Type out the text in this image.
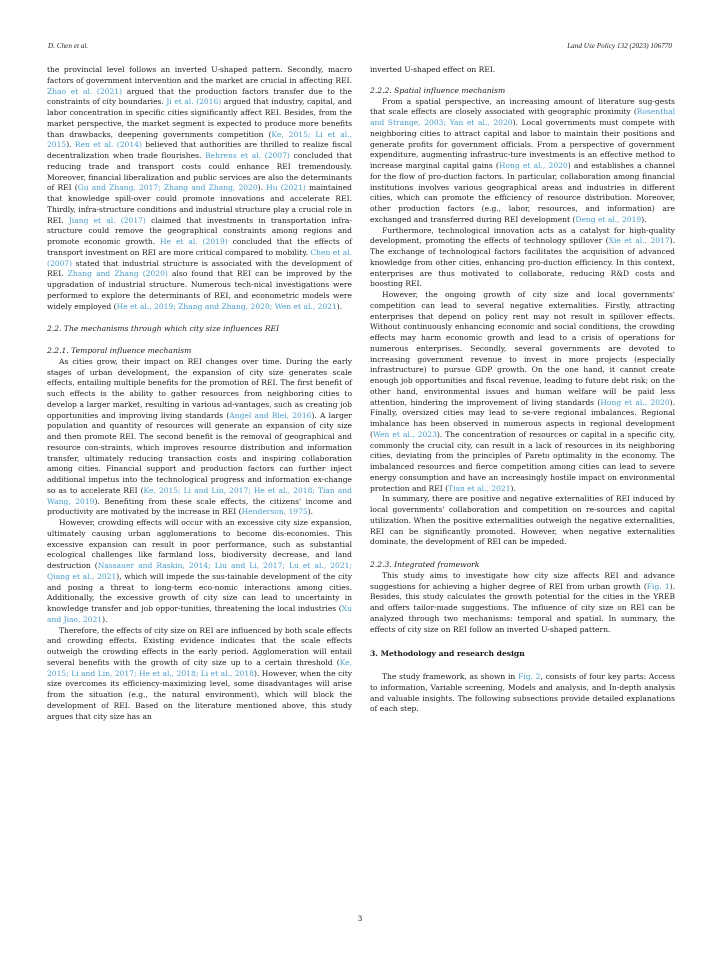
D. Chen et al.	Land Use Policy 132 (2023) 106770

the provincial level follows an inverted U-shaped pattern. Secondly, macro factors of government intervention and the market are crucial in affecting REI. Zhao et al. (2021) argued that the production factors transfer due to the constraints of city boundaries. Ji et al. (2016) argued that industry, capital, and labor concentration in specific cities significantly affect REI. Besides, from the market perspective, the market segment is expected to produce more benefits than drawbacks, deepening governments competition (Ke, 2015; Li et al., 2015). Ren et al. (2014) believed that authorities are thrilled to realize fiscal decentralization when trade flourishes. Behrens et al. (2007) concluded that reducing trade and transport costs could enhance REI tremendously. Moreover, financial liberalization and public services are also the determinants of REI (Gu and Zhang, 2017; Zhang and Zhang, 2020). Hu (2021) maintained that knowledge spill-over could promote innovations and accelerate REI. Thirdly, infra-structure conditions and industrial structure play a crucial role in REI. Jiang et al. (2017) claimed that investments in transportation infra-structure could remove the geographical constraints among regions and promote economic growth. He et al. (2019) concluded that the effects of transport investment on REI are more critical compared to mobility. Chen et al. (2007) stated that industrial structure is associated with the development of REI. Zhang and Zhang (2020) also found that REI can be improved by the upgradation of industrial structure. Numerous tech-nical investigations were performed to explore the determinants of REI, and econometric models were widely employed (He et al., 2019; Zhang and Zhang, 2020; Wen et al., 2021).

2.2. The mechanisms through which city size influences REI
2.2.1. Temporal influence mechanism

As cities grow, their impact on REI changes over time. During the early stages of urban development, the expansion of city size generates scale effects, entailing multiple benefits for the promotion of REI. The first benefit of such effects is the ability to gather resources from neighboring cities to develop a larger market, resulting in various ad-vantages, such as creating job opportunities and improving living standards (Angel and Blei, 2016). A larger population and quantity of resources will generate an expansion of city size and then promote REI. The second benefit is the removal of geographical and resource con-straints, which improves resource distribution and information transfer, ultimately reducing transaction costs and inspiring collaboration among cities. Financial support and production factors can further inject additional impetus into the technological progress and information ex-change so as to accelerate REI (Ke, 2015; Li and Lin, 2017; He et al., 2018; Tian and Wang, 2019). Benefiting from these scale effects, the citizens' income and productivity are motivated by the increase in REI (Henderson, 1975).

However, crowding effects will occur with an excessive city size expansion, ultimately causing urban agglomerations to become dis-economies. This excessive expansion can result in poor performance, such as substantial ecological challenges like farmland loss, biodiversity decrease, and land destruction (Nassauer and Raskin, 2014; Liu and Li, 2017; Lu et al., 2021; Qiang et al., 2021), which will impede the sus-tainable development of the city and posing a threat to long-term eco-nomic interactions among cities. Additionally, the excessive growth of city size can lead to uncertainty in knowledge transfer and job oppor-tunities, threatening the local industries (Xu and Jiao, 2021).

Therefore, the effects of city size on REI are influenced by both scale effects and crowding effects. Existing evidence indicates that the scale effects outweigh the crowding effects in the early period. Agglomeration will entail several benefits with the growth of city size up to a certain threshold (Ke, 2015; Li and Lin, 2017; He et al., 2018; Li et al., 2018). However, when the city size overcomes its efficiency-maximizing level, some disadvantages will arise from the situation (e.g., the natural environment), which will block the development of REI. Based on the literature mentioned above, this study argues that city size has an

inverted U-shaped effect on REI.

2.2.2. Spatial influence mechanism

From a spatial perspective, an increasing amount of literature sug-gests that scale effects are closely associated with geographic proximity (Rosenthal and Strange, 2003; Yan et al., 2020). Local governments must compete with neighboring cities to attract capital and labor to maintain their positions and generate profits for government officials. From a perspective of government expenditure, augmenting infrastruc-ture investments is an effective method to increase marginal capital gains (Hong et al., 2020) and establishes a channel for the flow of pro-duction factors. In particular, collaboration among financial institutions involves various geographical areas and industries in different cities, which can promote the efficiency of resource distribution. Moreover, other production factors (e.g., labor, resources, and information) are exchanged and transferred during REI development (Deng et al., 2019).

Furthermore, technological innovation acts as a catalyst for high-quality development, promoting the effects of technology spillover (Xie et al., 2017). The exchange of technological factors facilitates the acquisition of advanced knowledge from other cities, enhancing pro-duction efficiency. In this context, enterprises are thus motivated to collaborate, reducing R&D costs and boosting REI.

However, the ongoing growth of city size and local governments' competition can lead to several negative externalities. Firstly, attracting enterprises that depend on policy rent may not result in spillover effects. Without continuously enhancing economic and social conditions, the crowding effects may harm economic growth and lead to a crisis of operations for numerous enterprises. Secondly, several governments are devoted to increasing government revenue to invest in more projects (especially infrastructure) to pursue GDP growth. On the one hand, it cannot create enough job opportunities and fiscal revenue, leading to future debt risk; on the other hand, environmental issues and human welfare will be paid less attention, hindering the improvement of living standards (Hong et al., 2020). Finally, oversized cities may lead to se-vere regional imbalances. Regional imbalance has been observed in numerous aspects in regional development (Wen et al., 2023). The concentration of resources or capital in a specific city, commonly the crucial city, can result in a lack of resources in its neighboring cities, deviating from the principles of Pareto optimality in the economy. The imbalanced resources and fierce competition among cities can lead to severe energy consumption and have an increasingly hostile impact on environmental protection and REI (Tian et al., 2021).

In summary, there are positive and negative externalities of REI induced by local governments' collaboration and competition on re-sources and capital utilization. When the positive externalities outweigh the negative externalities, REI can be significantly promoted. However, when negative externalities dominate, the development of REI can be impeded.

2.2.3. Integrated framework

This study aims to investigate how city size affects REI and advance suggestions for achieving a higher degree of REI from urban growth (Fig. 1). Besides, this study calculates the growth potential for the cities in the YREB and offers tailor-made suggestions. The influence of city size on REI can be analyzed through two mechanisms: temporal and spatial. In summary, the effects of city size on REI follow an inverted U-shaped pattern.

3. Methodology and research design

The study framework, as shown in Fig. 2, consists of four key parts: Access to information, Variable screening, Models and analysis, and In-depth analysis and valuable insights. The following subsections provide detailed explanations of each step.

3
